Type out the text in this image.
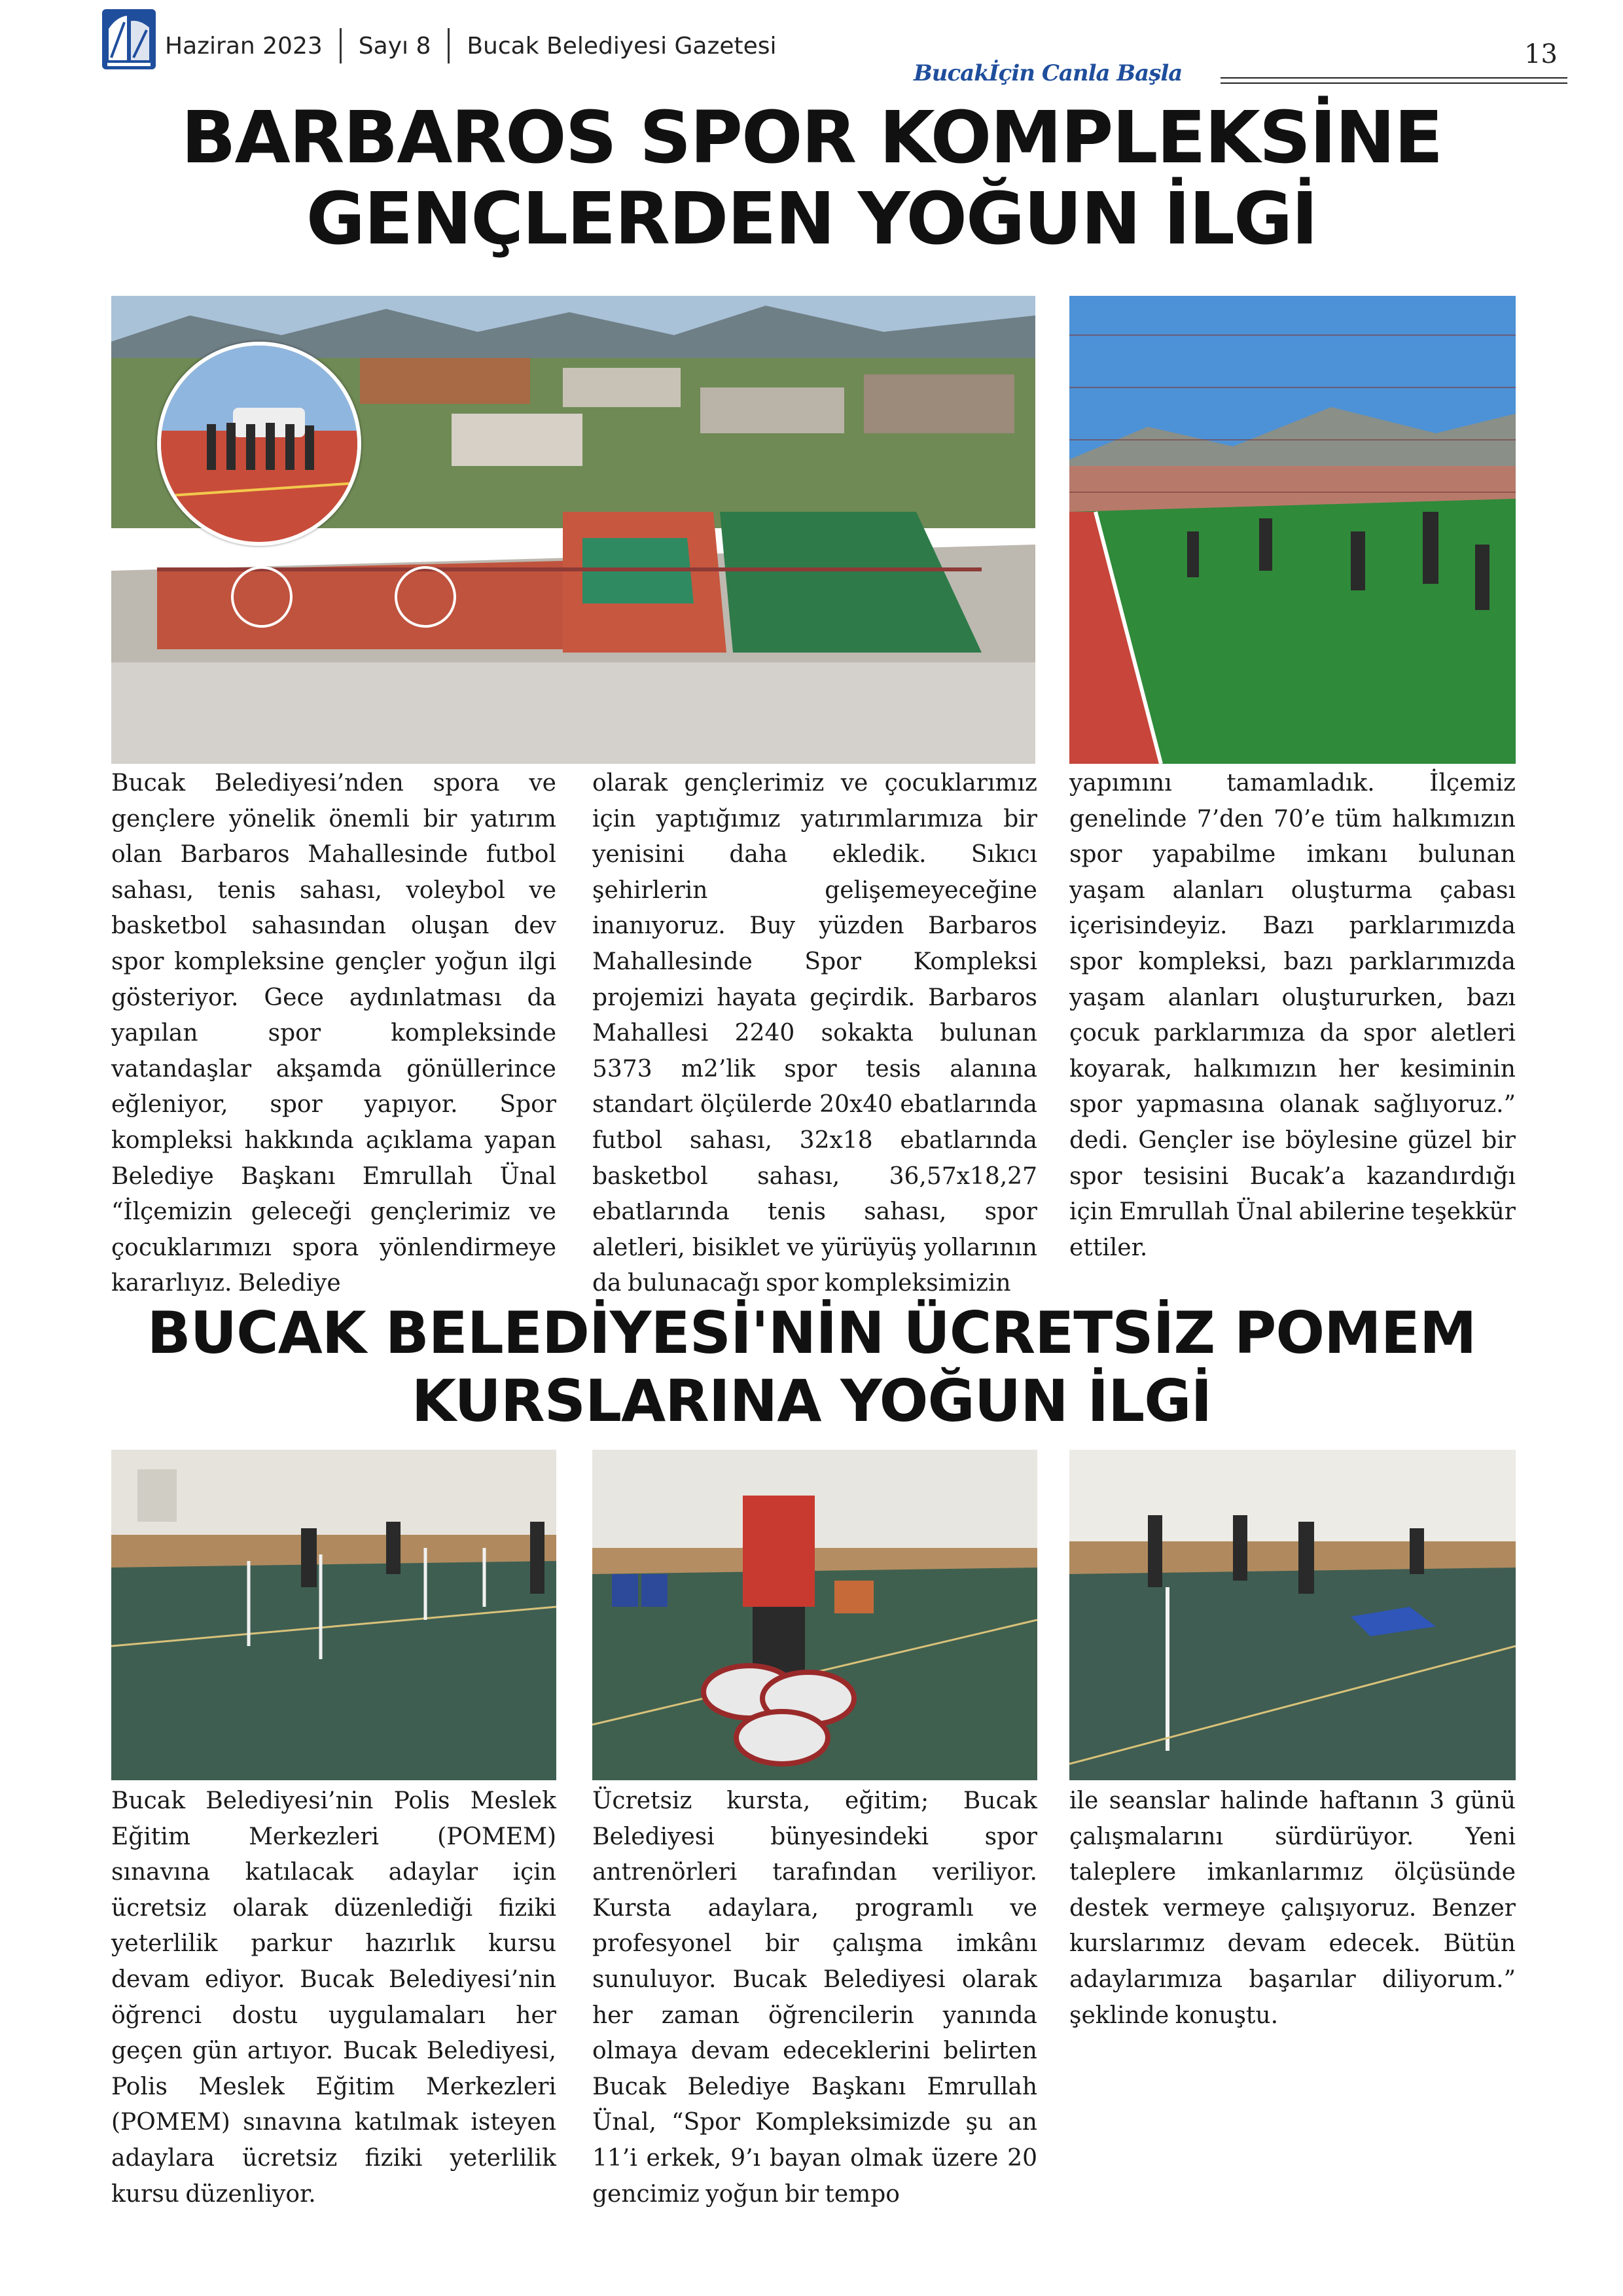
Haziran 2023 Sayı 8 Bucak Belediyesi Gazetesi
Bucakİçin Canla Başla
13
BARBAROS SPOR KOMPLEKSİNE
GENÇLERDEN YOĞUN İLGİ

Bucak Belediyesi’nden spora ve gençlere yönelik önemli bir yatırım olan Barbaros Mahallesinde futbol sahası, tenis sahası, voleybol ve basketbol sahasından oluşan dev spor kompleksine gençler yoğun ilgi gösteriyor. Gece aydınlatması da yapılan spor kompleksinde vatandaşlar akşamda gönüllerince eğleniyor, spor yapıyor. Spor kompleksi hakkında açıklama yapan Belediye Başkanı Emrullah Ünal “İlçemizin geleceği gençlerimiz ve çocuklarımızı spora yönlendirmeye kararlıyız. Belediye

olarak gençlerimiz ve çocuklarımız için yaptığımız yatırımlarımıza bir yenisini daha ekledik. Sıkıcı şehirlerin gelişemeyeceğine inanıyoruz. Buy yüzden Barbaros Mahallesinde Spor Kompleksi projemizi hayata geçirdik. Barbaros Mahallesi 2240 sokakta bulunan 5373 m2’lik spor tesis alanına standart ölçülerde 20x40 ebatlarında futbol sahası, 32x18 ebatlarında basketbol sahası, 36,57x18,27 ebatlarında tenis sahası, spor aletleri, bisiklet ve yürüyüş yollarının da bulunacağı spor kompleksimizin

yapımını tamamladık. İlçemiz genelinde 7’den 70’e tüm halkımızın spor yapabilme imkanı bulunan yaşam alanları oluşturma çabası içerisindeyiz. Bazı parklarımızda spor kompleksi, bazı parklarımızda yaşam alanları oluştururken, bazı çocuk parklarımıza da spor aletleri koyarak, halkımızın her kesiminin spor yapmasına olanak sağlıyoruz.” dedi. Gençler ise böylesine güzel bir spor tesisini Bucak’a kazandırdığı için Emrullah Ünal abilerine teşekkür ettiler.

BUCAK BELEDİYESİ'NİN ÜCRETSİZ POMEM
KURSLARINA YOĞUN İLGİ

Bucak Belediyesi’nin Polis Meslek Eğitim Merkezleri (POMEM) sınavına katılacak adaylar için ücretsiz olarak düzenlediği fiziki yeterlilik parkur hazırlık kursu devam ediyor. Bucak Belediyesi’nin öğrenci dostu uygulamaları her geçen gün artıyor. Bucak Belediyesi, Polis Meslek Eğitim Merkezleri (POMEM) sınavına katılmak isteyen adaylara ücretsiz fiziki yeterlilik kursu düzenliyor.

Ücretsiz kursta, eğitim; Bucak Belediyesi bünyesindeki spor antrenörleri tarafından veriliyor. Kursta adaylara, programlı ve profesyonel bir çalışma imkânı sunuluyor. Bucak Belediyesi olarak her zaman öğrencilerin yanında olmaya devam edeceklerini belirten Bucak Belediye Başkanı Emrullah Ünal, “Spor Kompleksimizde şu an 11’i erkek, 9’ı bayan olmak üzere 20 gencimiz yoğun bir tempo

ile seanslar halinde haftanın 3 günü çalışmalarını sürdürüyor. Yeni taleplere imkanlarımız ölçüsünde destek vermeye çalışıyoruz. Benzer kurslarımız devam edecek. Bütün adaylarımıza başarılar diliyorum.” şeklinde konuştu.
